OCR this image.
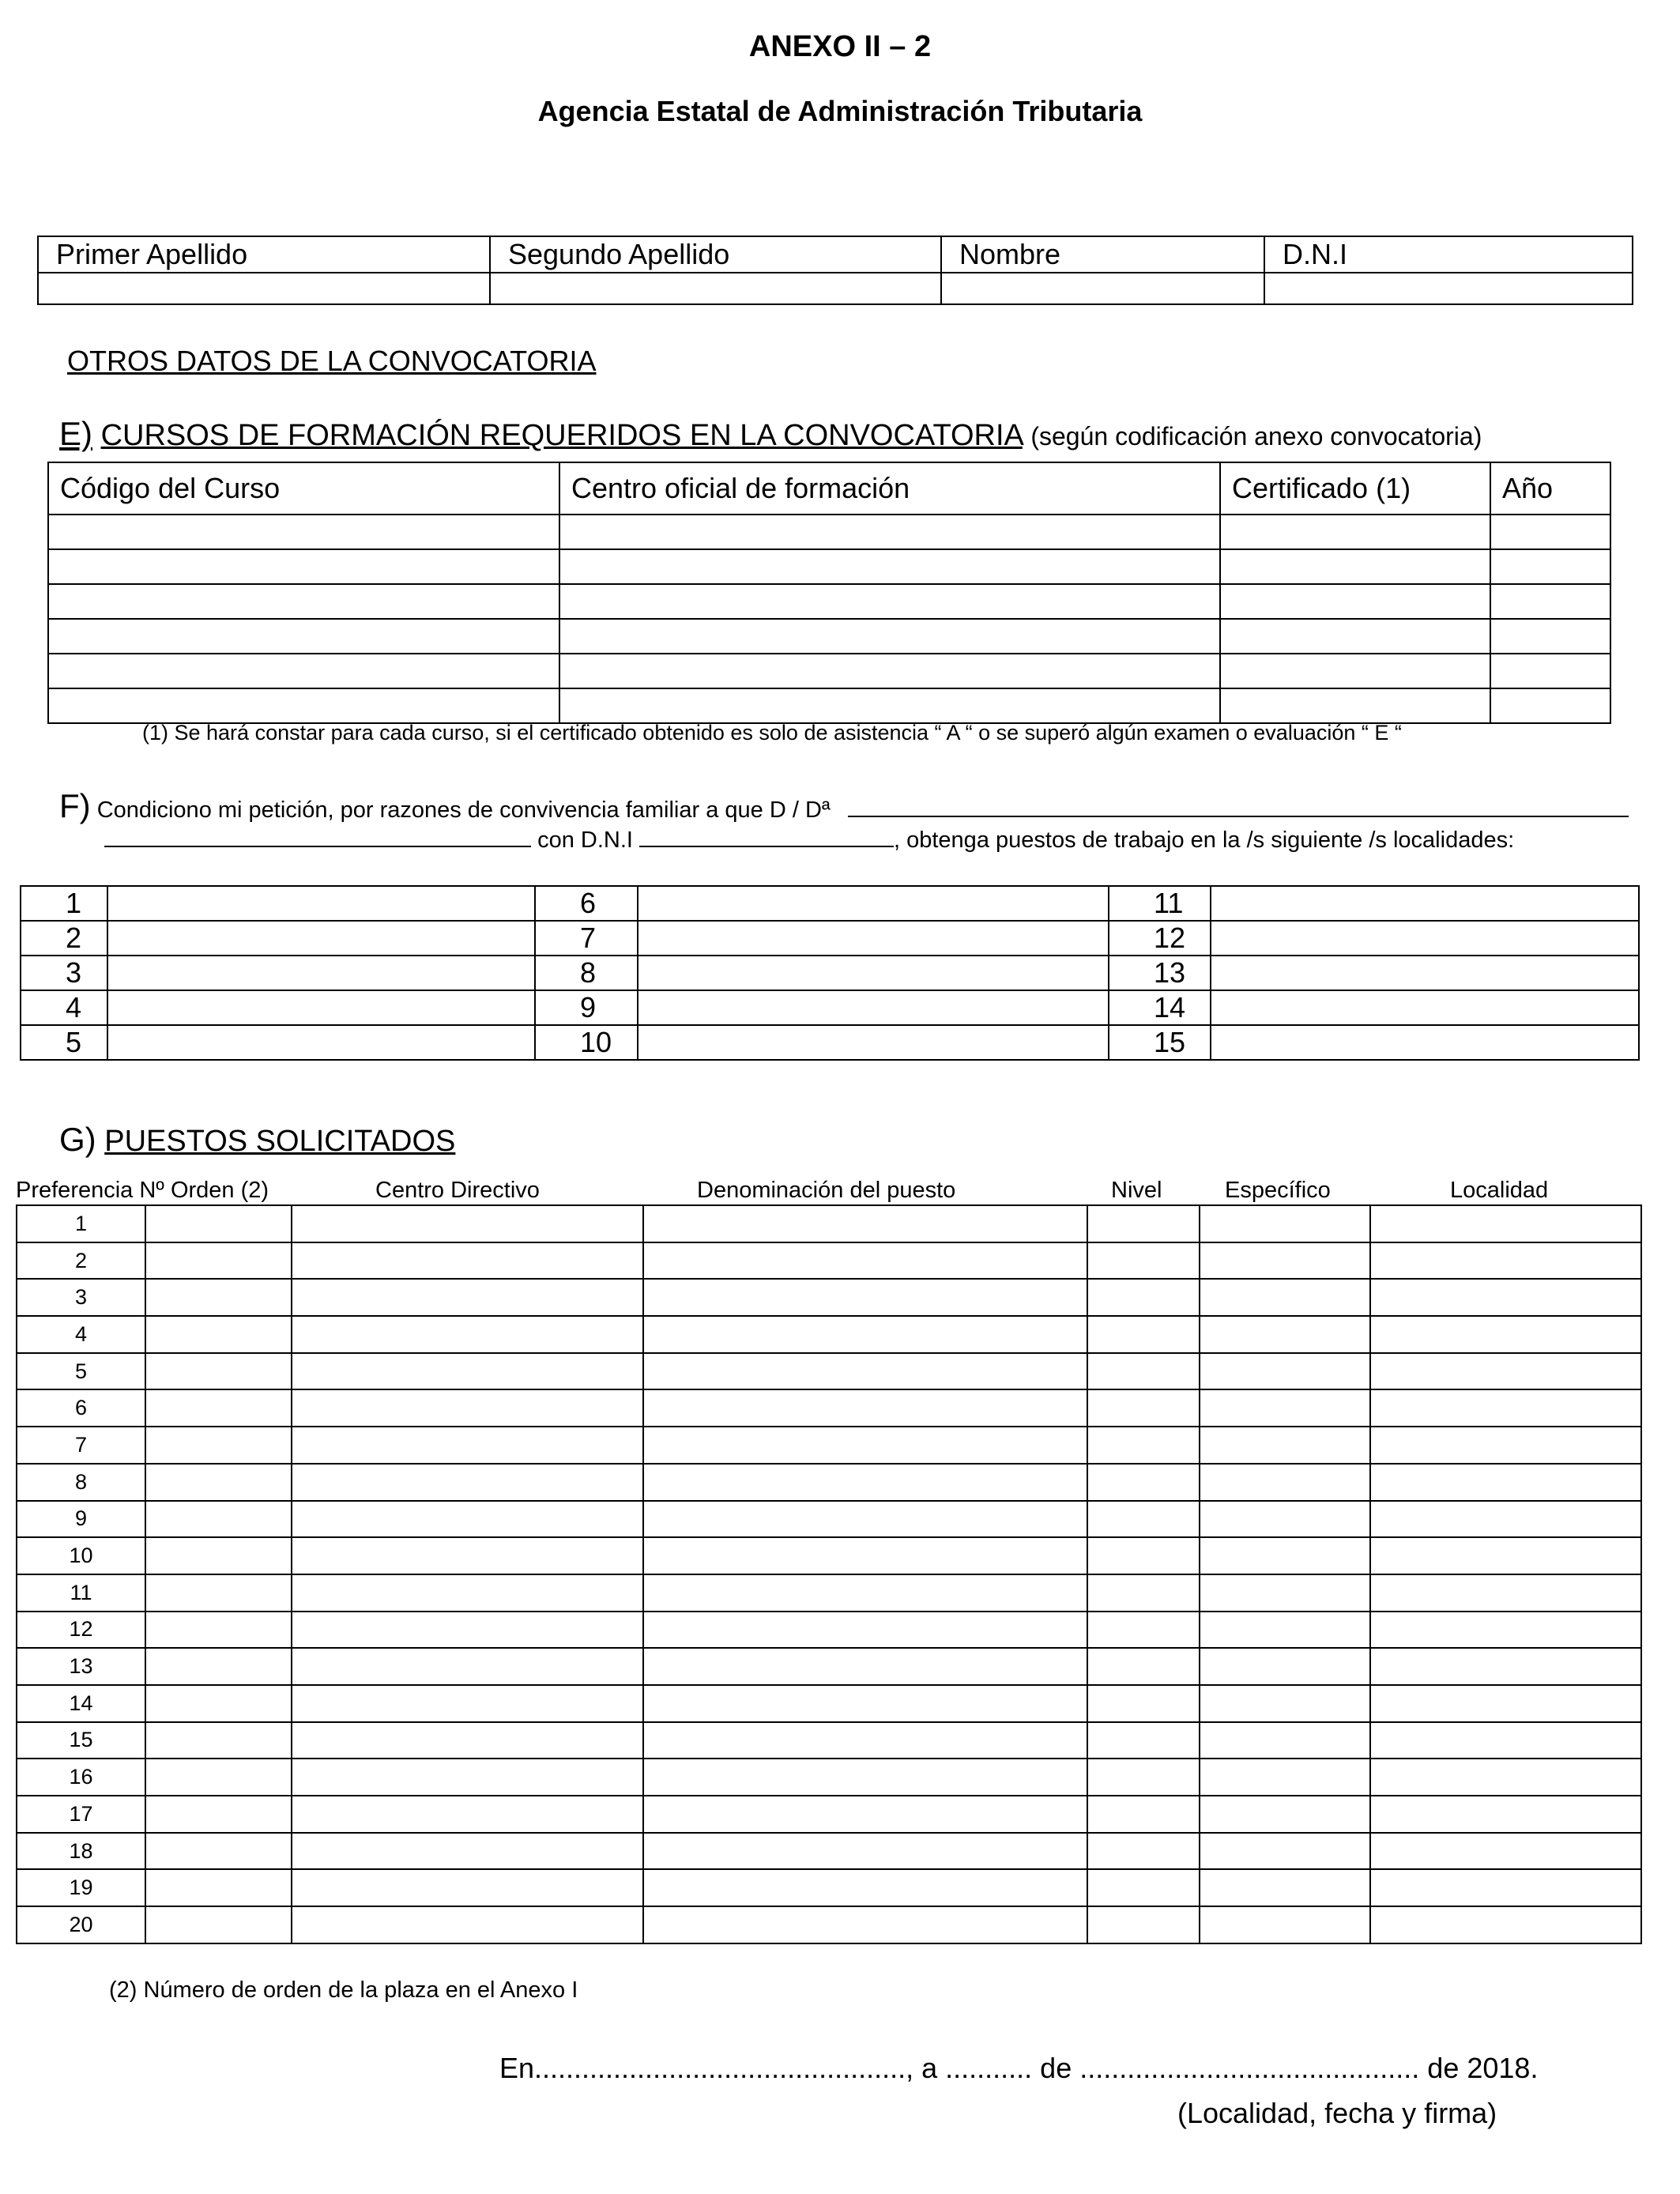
ANEXO II – 2
Agencia Estatal de Administración Tributaria
Primer Apellido	Segundo Apellido	Nombre	D.N.I

OTROS DATOS DE LA CONVOCATORIA
E) CURSOS DE FORMACIÓN REQUERIDOS EN LA CONVOCATORIA (según codificación anexo convocatoria)
Código del Curso	Centro oficial de formación	Certificado (1)	Año

(1) Se hará constar para cada curso, si el certificado obtenido es solo de asistencia “ A “ o se superó algún examen o evaluación “ E “
F) Condiciono mi petición, por razones de convivencia familiar a que D / Dª
con D.N.I	, obtenga puestos de trabajo en la /s siguiente /s localidades:
1		6		11	
2		7		12	
3		8		13	
4		9		14	
5		10		15	
G) PUESTOS SOLICITADOS
Preferencia Nº Orden (2)	Centro Directivo	Denominación del puesto	Nivel	Específico	Localidad
1						
2						
3						
4						
5						
6						
7						
8						
9						
10						
11						
12						
13						
14						
15						
16						
17						
18						
19						
20						
(2) Número de orden de la plaza en el Anexo I
En..............................................., a ........... de ........................................... de 2018.
(Localidad, fecha y firma)
